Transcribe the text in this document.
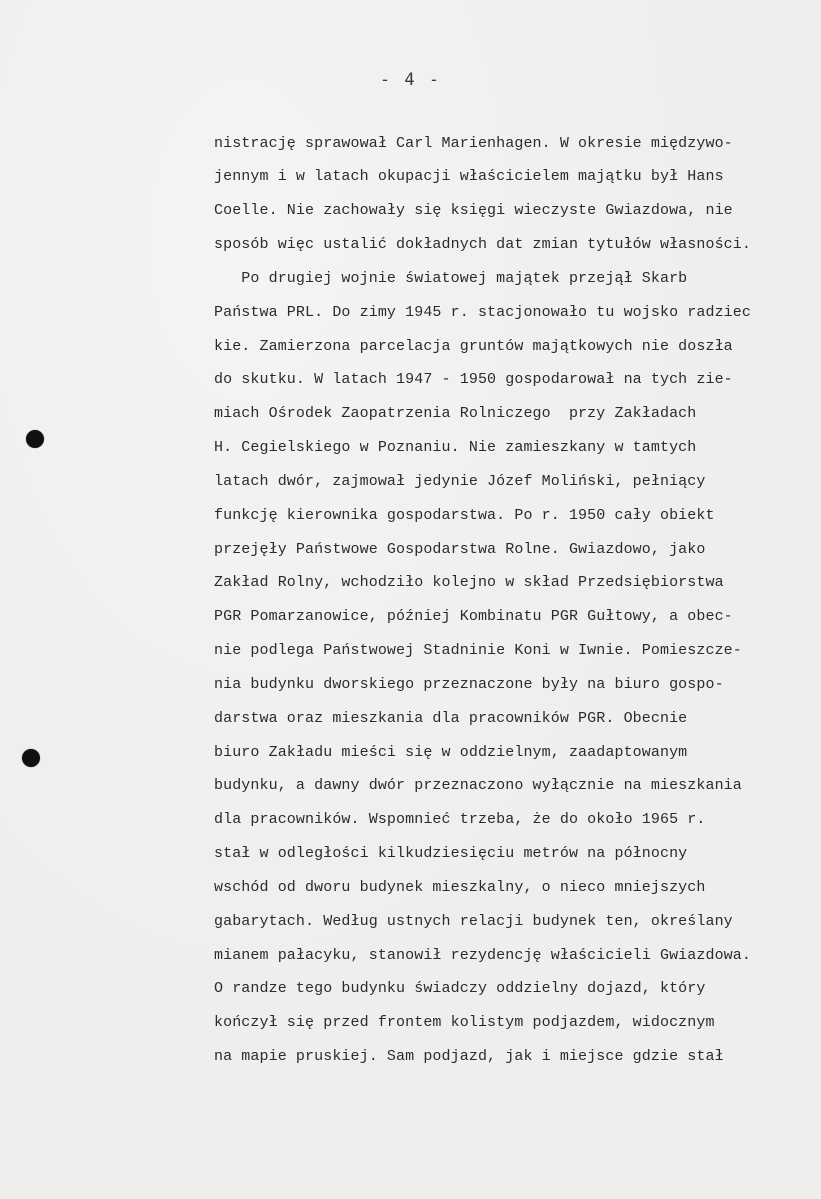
- 4 -
nistrację sprawował Carl Marienhagen. W okresie międzywo-
jennym i w latach okupacji właścicielem majątku był Hans
Coelle. Nie zachowały się księgi wieczyste Gwiazdowa, nie
sposób więc ustalić dokładnych dat zmian tytułów własności.
Po drugiej wojnie światowej majątek przejął Skarb
Państwa PRL. Do zimy 1945 r. stacjonowało tu wojsko radziec
kie. Zamierzona parcelacja gruntów majątkowych nie doszła
do skutku. W latach 1947 - 1950 gospodarował na tych zie-
miach Ośrodek Zaopatrzenia Rolniczego  przy Zakładach
H. Cegielskiego w Poznaniu. Nie zamieszkany w tamtych
latach dwór, zajmował jedynie Józef Moliński, pełniący
funkcję kierownika gospodarstwa. Po r. 1950 cały obiekt
przejęły Państwowe Gospodarstwa Rolne. Gwiazdowo, jako
Zakład Rolny, wchodziło kolejno w skład Przedsiębiorstwa
PGR Pomarzanowice, później Kombinatu PGR Gułtowy, a obec-
nie podlega Państwowej Stadninie Koni w Iwnie. Pomieszcze-
nia budynku dworskiego przeznaczone były na biuro gospo-
darstwa oraz mieszkania dla pracowników PGR. Obecnie
biuro Zakładu mieści się w oddzielnym, zaadaptowanym
budynku, a dawny dwór przeznaczono wyłącznie na mieszkania
dla pracowników. Wspomnieć trzeba, że do około 1965 r.
stał w odległości kilkudziesięciu metrów na północny
wschód od dworu budynek mieszkalny, o nieco mniejszych
gabarytach. Według ustnych relacji budynek ten, określany
mianem pałacyku, stanowił rezydencję właścicieli Gwiazdowa.
O randze tego budynku świadczy oddzielny dojazd, który
kończył się przed frontem kolistym podjazdem, widocznym
na mapie pruskiej. Sam podjazd, jak i miejsce gdzie stał
